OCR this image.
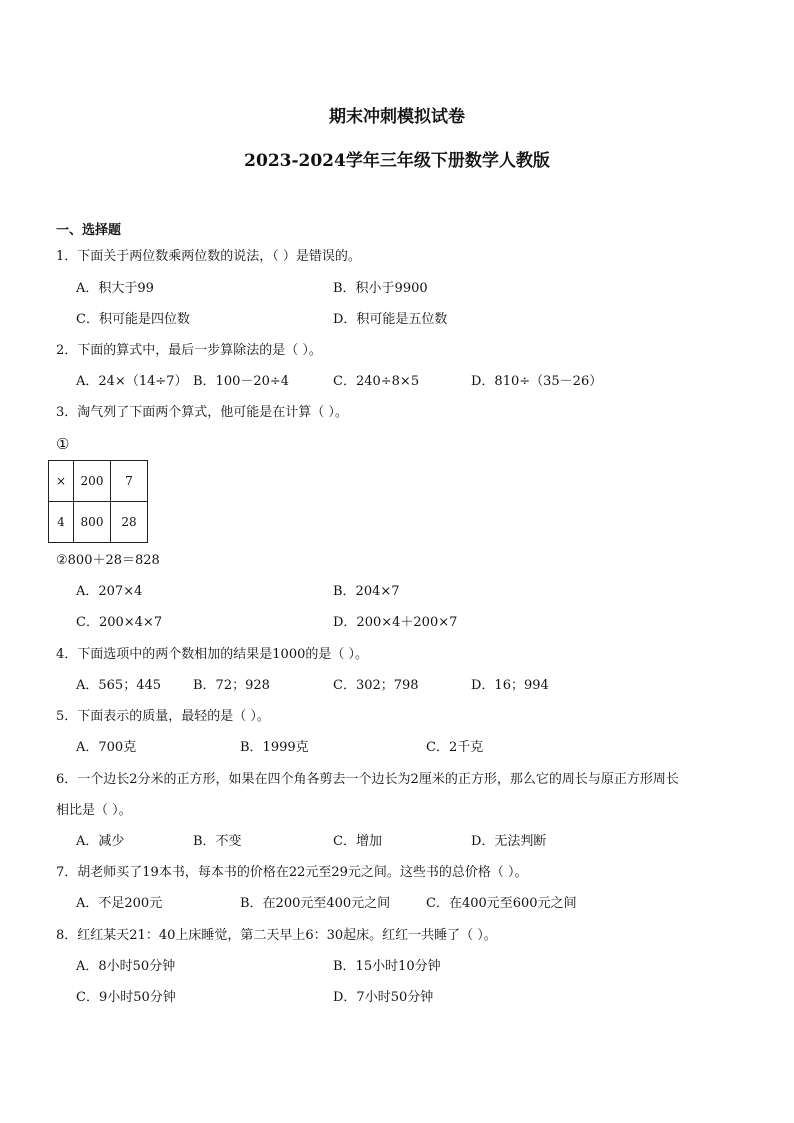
期末冲刺模拟试卷
2023-2024学年三年级下册数学人教版
一、选择题
1．下面关于两位数乘两位数的说法，（ ）是错误的。
A．积大于99	B．积小于9900
C．积可能是四位数	D．积可能是五位数
2．下面的算式中，最后一步算除法的是（ ）。
A．24×（14÷7） B．100－20÷4	C．240÷8×5	D．810÷（35－26）
3．淘气列了下面两个算式，他可能是在计算（ ）。
①
×	200	7
4	800	28
②800＋28＝828
A．207×4	B．204×7
C．200×4×7	D．200×4＋200×7
4．下面选项中的两个数相加的结果是1000的是（ ）。
A．565；445 B．72；928	C．302；798	D．16；994
5．下面表示的质量，最轻的是（ ）。
A．700克	B．1999克	C．2千克
6．一个边长2分米的正方形，如果在四个角各剪去一个边长为2厘米的正方形，那么它的周长与原正方形周长
相比是（ ）。
A．减少	B．不变	C．增加	D．无法判断
7．胡老师买了19本书，每本书的价格在22元至29元之间。这些书的总价格（ ）。
A．不足200元	B．在200元至400元之间	C．在400元至600元之间
8．红红某天21：40上床睡觉，第二天早上6：30起床。红红一共睡了（ ）。
A．8小时50分钟	B．15小时10分钟
C．9小时50分钟	D．7小时50分钟
